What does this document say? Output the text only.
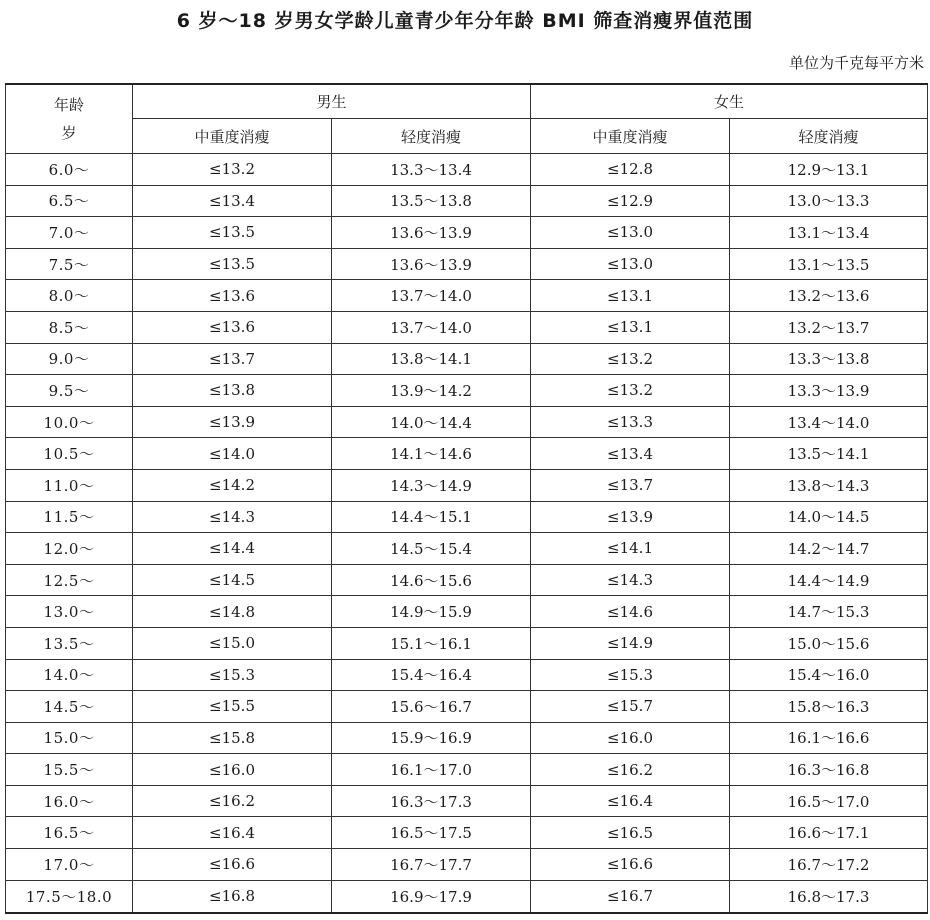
6 岁～18 岁男女学龄儿童青少年分年龄 BMI 筛查消瘦界值范围
单位为千克每平方米
年龄
岁	男生		女生	
	中重度消瘦	轻度消瘦	中重度消瘦	轻度消瘦
6.0～	≤13.2	13.3～13.4	≤12.8	12.9～13.1
6.5～	≤13.4	13.5～13.8	≤12.9	13.0～13.3
7.0～	≤13.5	13.6～13.9	≤13.0	13.1～13.4
7.5～	≤13.5	13.6～13.9	≤13.0	13.1～13.5
8.0～	≤13.6	13.7～14.0	≤13.1	13.2～13.6
8.5～	≤13.6	13.7～14.0	≤13.1	13.2～13.7
9.0～	≤13.7	13.8～14.1	≤13.2	13.3～13.8
9.5～	≤13.8	13.9～14.2	≤13.2	13.3～13.9
10.0～	≤13.9	14.0～14.4	≤13.3	13.4～14.0
10.5～	≤14.0	14.1～14.6	≤13.4	13.5～14.1
11.0～	≤14.2	14.3～14.9	≤13.7	13.8～14.3
11.5～	≤14.3	14.4～15.1	≤13.9	14.0～14.5
12.0～	≤14.4	14.5～15.4	≤14.1	14.2～14.7
12.5～	≤14.5	14.6～15.6	≤14.3	14.4～14.9
13.0～	≤14.8	14.9～15.9	≤14.6	14.7～15.3
13.5～	≤15.0	15.1～16.1	≤14.9	15.0～15.6
14.0～	≤15.3	15.4～16.4	≤15.3	15.4～16.0
14.5～	≤15.5	15.6～16.7	≤15.7	15.8～16.3
15.0～	≤15.8	15.9～16.9	≤16.0	16.1～16.6
15.5～	≤16.0	16.1～17.0	≤16.2	16.3～16.8
16.0～	≤16.2	16.3～17.3	≤16.4	16.5～17.0
16.5～	≤16.4	16.5～17.5	≤16.5	16.6～17.1
17.0～	≤16.6	16.7～17.7	≤16.6	16.7～17.2
17.5～18.0	≤16.8	16.9～17.9	≤16.7	16.8～17.3
